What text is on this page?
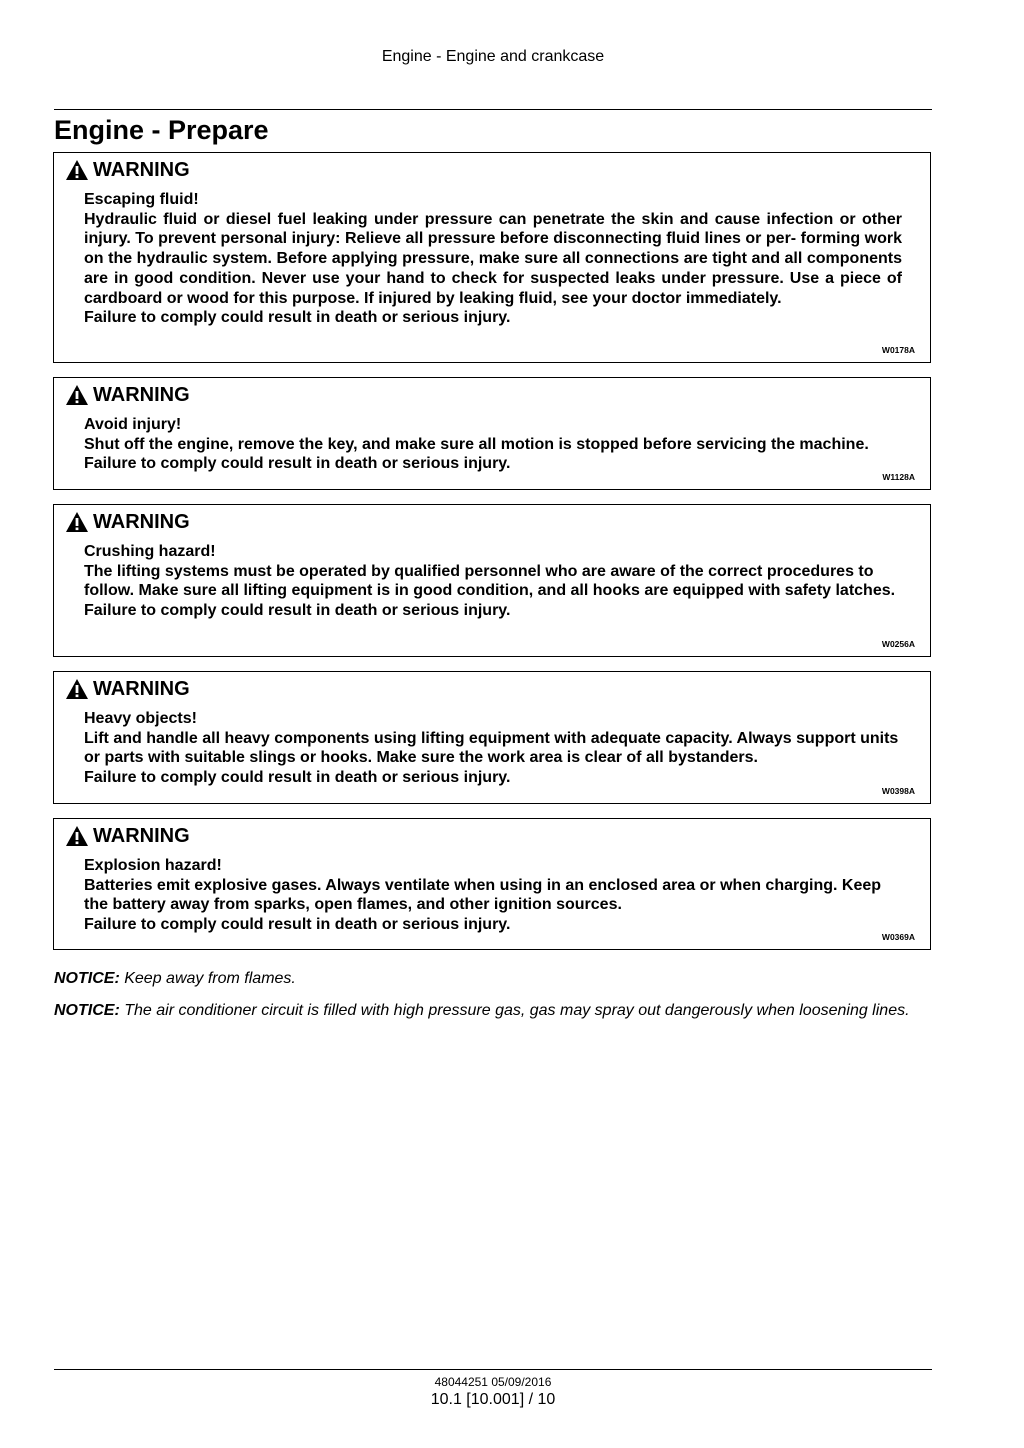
Engine - Engine and crankcase
Engine - Prepare
WARNING

Escaping fluid!

Hydraulic fluid or diesel fuel leaking under pressure can penetrate the skin and cause infection or other injury. To prevent personal injury: Relieve all pressure before disconnecting fluid lines or per- forming work on the hydraulic system. Before applying pressure, make sure all connections are tight and all components are in good condition. Never use your hand to check for suspected leaks under pressure. Use a piece of cardboard or wood for this purpose. If injured by leaking fluid, see your doctor immediately.

Failure to comply could result in death or serious injury.

W0178A
WARNING

Avoid injury!

Shut off the engine, remove the key, and make sure all motion is stopped before servicing the machine.

Failure to comply could result in death or serious injury.

W1128A
WARNING

Crushing hazard!

The lifting systems must be operated by qualified personnel who are aware of the correct procedures to follow. Make sure all lifting equipment is in good condition, and all hooks are equipped with safety latches.

Failure to comply could result in death or serious injury.

W0256A
WARNING

Heavy objects!

Lift and handle all heavy components using lifting equipment with adequate capacity. Always support units or parts with suitable slings or hooks. Make sure the work area is clear of all bystanders.

Failure to comply could result in death or serious injury.

W0398A
WARNING

Explosion hazard!

Batteries emit explosive gases. Always ventilate when using in an enclosed area or when charging. Keep the battery away from sparks, open flames, and other ignition sources.

Failure to comply could result in death or serious injury.

W0369A

NOTICE: Keep away from flames.

NOTICE: The air conditioner circuit is filled with high pressure gas, gas may spray out dangerously when loosening lines.

48044251 05/09/2016
10.1 [10.001] / 10
